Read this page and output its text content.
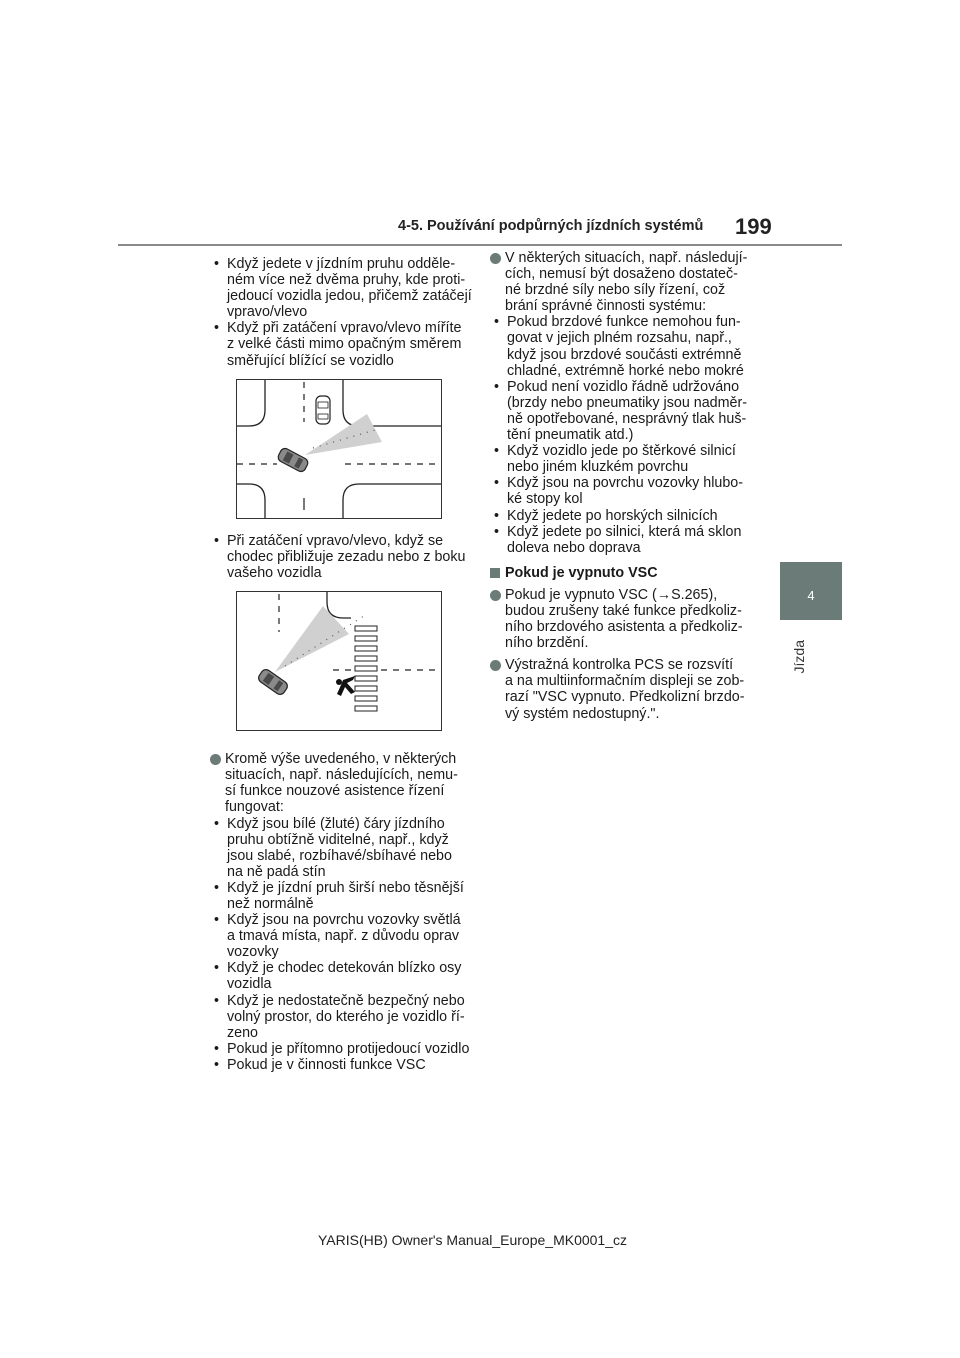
4-5. Používání podpůrných jízdních systémů 199
4
Jízda
• Když jedete v jízdním pruhu odděle-
ném více než dvěma pruhy, kde proti-
jedoucí vozidla jedou, přičemž zatáčejí
vpravo/vlevo
• Když při zatáčení vpravo/vlevo míříte
z velké části mimo opačným směrem
směřující blížící se vozidlo
• Při zatáčení vpravo/vlevo, když se
chodec přibližuje zezadu nebo z boku
vašeho vozidla
Kromě výše uvedeného, v některých
situacích, např. následujících, nemu-
sí funkce nouzové asistence řízení
fungovat:
• Když jsou bílé (žluté) čáry jízdního
pruhu obtížně viditelné, např., když
jsou slabé, rozbíhavé/sbíhavé nebo
na ně padá stín
• Když je jízdní pruh širší nebo těsnější
než normálně
• Když jsou na povrchu vozovky světlá
a tmavá místa, např. z důvodu oprav
vozovky
• Když je chodec detekován blízko osy
vozidla
• Když je nedostatečně bezpečný nebo
volný prostor, do kterého je vozidlo ří-
zeno
• Pokud je přítomno protijedoucí vozidlo
• Pokud je v činnosti funkce VSC
V některých situacích, např. následují-
cích, nemusí být dosaženo dostateč-
né brzdné síly nebo síly řízení, což
brání správné činnosti systému:
• Pokud brzdové funkce nemohou fun-
govat v jejich plném rozsahu, např.,
když jsou brzdové součásti extrémně
chladné, extrémně horké nebo mokré
• Pokud není vozidlo řádně udržováno
(brzdy nebo pneumatiky jsou nadměr-
ně opotřebované, nesprávný tlak huš-
tění pneumatik atd.)
• Když vozidlo jede po štěrkové silnicí
nebo jiném kluzkém povrchu
• Když jsou na povrchu vozovky hlubo-
ké stopy kol
• Když jedete po horských silnicích
• Když jedete po silnici, která má sklon
doleva nebo doprava
Pokud je vypnuto VSC
Pokud je vypnuto VSC (→S.265),
budou zrušeny také funkce předkoliz-
ního brzdového asistenta a předkoliz-
ního brzdění.
Výstražná kontrolka PCS se rozsvítí
a na multiinformačním displeji se zob-
razí "VSC vypnuto. Předkolizní brzdo-
vý systém nedostupný.".
YARIS(HB) Owner's Manual_Europe_MK0001_cz
